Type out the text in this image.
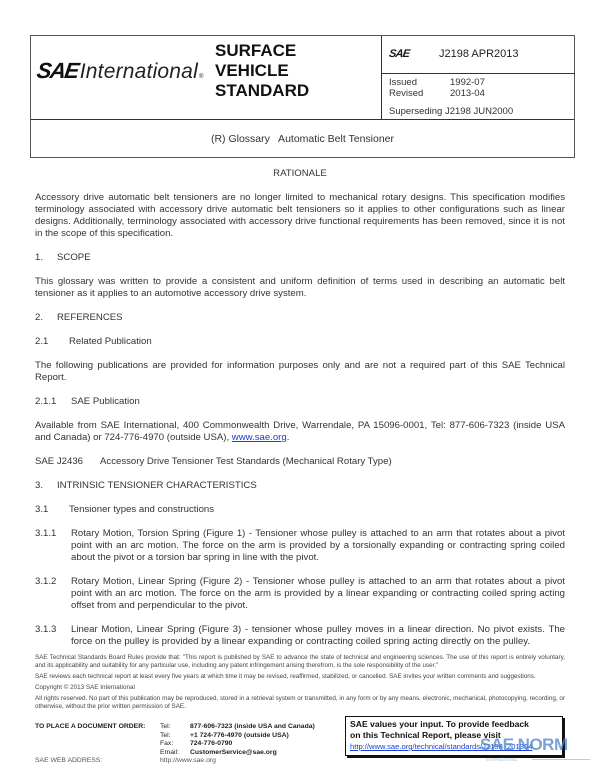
SAE International ®
SURFACE
VEHICLE
STANDARD
SAE	J2198 APR2013
Issued	1992-07
Revised	2013-04
Superseding J2198 JUN2000
(R) Glossary   Automatic Belt Tensioner
RATIONALE

Accessory drive automatic belt tensioners are no longer limited to mechanical rotary designs. This specification modifies terminology associated with accessory drive automatic belt tensioners so it applies to other configurations such as linear designs. Additionally, terminology associated with accessory drive functional requirements has been removed, since it is not in the scope of this specification.

1. SCOPE

This glossary was written to provide a consistent and uniform definition of terms used in describing an automatic belt tensioner as it applies to an automotive accessory drive system.

2. REFERENCES
2.1 Related Publication

The following publications are provided for information purposes only and are not a required part of this SAE Technical Report.

2.1.1 SAE Publication

Available from SAE International, 400 Commonwealth Drive, Warrendale, PA 15096-0001, Tel: 877-606-7323 (inside USA and Canada) or 724-776-4970 (outside USA), www.sae.org.

SAE J2436	Accessory Drive Tensioner Test Standards (Mechanical Rotary Type)
3. INTRINSIC TENSIONER CHARACTERISTICS
3.1 Tensioner types and constructions
3.1.1	Rotary Motion, Torsion Spring (Figure 1) - Tensioner whose pulley is attached to an arm that rotates about a pivot point with an arc motion. The force on the arm is provided by a torsionally expanding or contracting spring coiled about the pivot or a torsion bar spring in line with the pivot.
3.1.2	Rotary Motion, Linear Spring (Figure 2) - Tensioner whose pulley is attached to an arm that rotates about a pivot point with an arc motion. The force on the arm is provided by a linear expanding or contracting coiled spring acting offset from and perpendicular to the pivot.
3.1.3	Linear Motion, Linear Spring (Figure 3) - tensioner whose pulley moves in a linear direction. No pivot exists. The force on the pulley is provided by a linear expanding or contracting coiled spring acting directly on the pulley.

SAE Technical Standards Board Rules provide that: "This report is published by SAE to advance the state of technical and engineering sciences. The use of this report is entirely voluntary, and its applicability and suitability for any particular use, including any patent infringement arising therefrom, is the sole responsibility of the user."

SAE reviews each technical report at least every five years at which time it may be revised, reaffirmed, stabilized, or cancelled. SAE invites your written comments and suggestions.

Copyright © 2013 SAE International

All rights reserved. No part of this publication may be reproduced, stored in a retrieval system or transmitted, in any form or by any means, electronic, mechanical, photocopying, recording, or otherwise, without the prior written permission of SAE.

TO PLACE A DOCUMENT ORDER:	Tel:	877-606-7323 (inside USA and Canada)
Tel:	+1 724-776-4970 (outside USA)
Fax:	724-776-0790
Email:	CustomerService@sae.org
SAE WEB ADDRESS:	http://www.sae.org
SAE values your input. To provide feedback
on this Technical Report, please visit
http://www.sae.org/technical/standards/J2198_201304
SAE NORM
INTERNATIONAL
